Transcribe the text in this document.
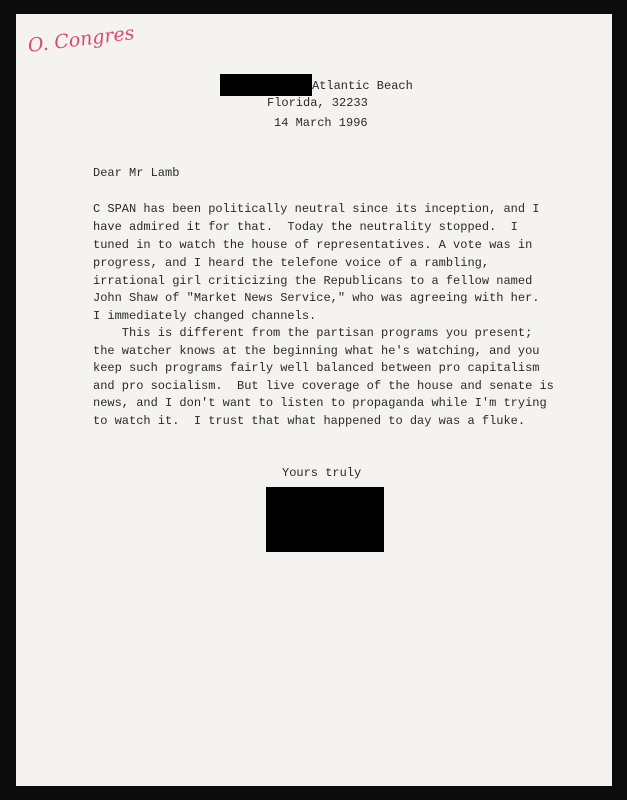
O. Congres
Atlantic Beach
Florida, 32233
14 March 1996
Dear Mr Lamb
C SPAN has been politically neutral since its inception, and I
have admired it for that.  Today the neutrality stopped.  I
tuned in to watch the house of representatives. A vote was in
progress, and I heard the telefone voice of a rambling,
irrational girl criticizing the Republicans to a fellow named
John Shaw of "Market News Service," who was agreeing with her.
I immediately changed channels.
This is different from the partisan programs you present;
the watcher knows at the beginning what he's watching, and you
keep such programs fairly well balanced between pro capitalism
and pro socialism.  But live coverage of the house and senate is
news, and I don't want to listen to propaganda while I'm trying
to watch it.  I trust that what happened to day was a fluke.
Yours truly
